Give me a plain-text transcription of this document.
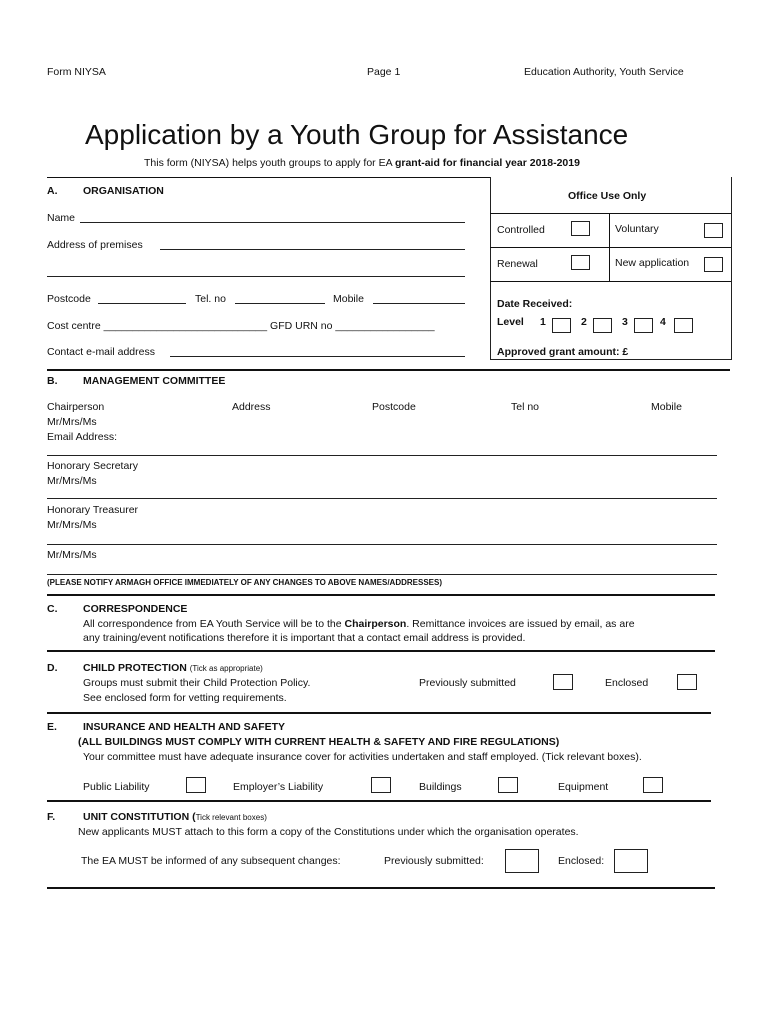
Form NIYSA	Page 1	Education Authority, Youth Service
Application by a Youth Group for Assistance
This form (NIYSA) helps youth groups to apply for EA grant-aid for financial year 2018-2019
A. ORGANISATION
Name
Address of premises
Postcode	Tel. no	Mobile
Cost centre ____________________________ GFD URN no _________________
Contact e-mail address
Office Use Only
Controlled	Voluntary
Renewal	New application
Date Received:
Level 1	2	3	4
Approved grant amount: £
B. MANAGEMENT COMMITTEE
Chairperson	Address	Postcode	Tel no	Mobile
Mr/Mrs/Ms
Email Address:
Honorary Secretary
Mr/Mrs/Ms
Honorary Treasurer
Mr/Mrs/Ms
Mr/Mrs/Ms
(PLEASE NOTIFY ARMAGH OFFICE IMMEDIATELY OF ANY CHANGES TO ABOVE NAMES/ADDRESSES)
C. CORRESPONDENCE
All correspondence from EA Youth Service will be to the Chairperson. Remittance invoices are issued by email, as are
any training/event notifications therefore it is important that a contact email address is provided.
D. CHILD PROTECTION (Tick as appropriate)
Groups must submit their Child Protection Policy.
See enclosed form for vetting requirements.
Previously submitted	Enclosed
E. INSURANCE AND HEALTH AND SAFETY
(ALL BUILDINGS MUST COMPLY WITH CURRENT HEALTH & SAFETY AND FIRE REGULATIONS)
Your committee must have adequate insurance cover for activities undertaken and staff employed. (Tick relevant boxes).
Public Liability	Employer’s Liability	Buildings	Equipment
F.	UNIT CONSTITUTION (Tick relevant boxes)
New applicants MUST attach to this form a copy of the Constitutions under which the organisation operates.
The EA MUST be informed of any subsequent changes:	Previously submitted:	Enclosed:
